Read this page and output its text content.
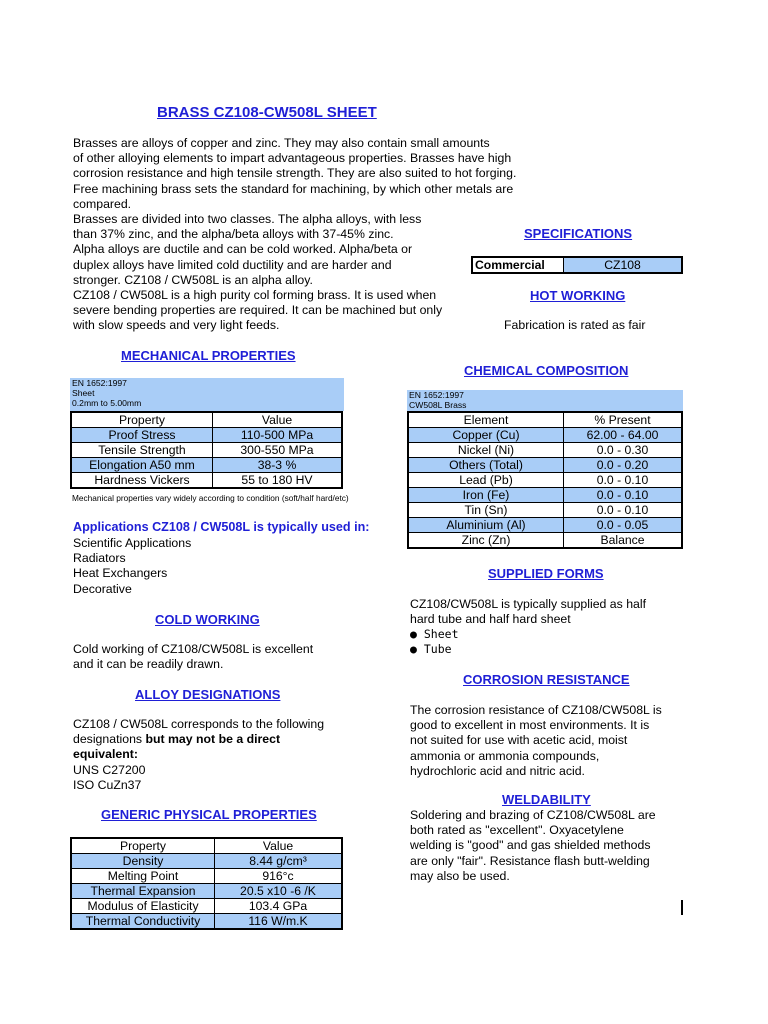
BRASS CZ108-CW508L SHEET
Brasses are alloys of copper and zinc. They may also contain small amounts
of other alloying elements to impart advantageous properties. Brasses have high
corrosion resistance and high tensile strength. They are also suited to hot forging.
Free machining brass sets the standard for machining, by which other metals are
compared.
Brasses are divided into two classes. The alpha alloys, with less
than 37% zinc, and the alpha/beta alloys with 37-45% zinc.
Alpha alloys are ductile and can be cold worked. Alpha/beta or
duplex alloys have limited cold ductility and are harder and
stronger. CZ108 / CW508L is an alpha alloy.
CZ108 / CW508L is a high purity col forming brass. It is used when
severe bending properties are required. It can be machined but only
with slow speeds and very light feeds.
SPECIFICATIONS
Commercial	CZ108
HOT WORKING
Fabrication is rated as fair
MECHANICAL PROPERTIES
EN 1652:1997
Sheet
0.2mm to 5.00mm
Property	Value
Proof Stress	110-500 MPa
Tensile Strength	300-550 MPa
Elongation A50 mm	38-3 %
Hardness Vickers	55 to 180 HV
Mechanical properties vary widely according to condition (soft/half hard/etc)
CHEMICAL COMPOSITION
EN 1652:1997
CW508L Brass
Element	% Present
Copper (Cu)	62.00 - 64.00
Nickel (Ni)	0.0 - 0.30
Others (Total)	0.0 - 0.20
Lead (Pb)	0.0 - 0.10
Iron (Fe)	0.0 - 0.10
Tin (Sn)	0.0 - 0.10
Aluminium (Al)	0.0 - 0.05
Zinc (Zn)	Balance
Applications CZ108 / CW508L is typically used in:
Scientific Applications
Radiators
Heat Exchangers
Decorative
SUPPLIED FORMS
CZ108/CW508L is typically supplied as half
hard tube and half hard sheet
● Sheet
● Tube
COLD WORKING
Cold working of CZ108/CW508L is excellent
and it can be readily drawn.
CORROSION RESISTANCE
The corrosion resistance of CZ108/CW508L is
good to excellent in most environments. It is
not suited for use with acetic acid, moist
ammonia or ammonia compounds,
hydrochloric acid and nitric acid.
ALLOY DESIGNATIONS
CZ108 / CW508L corresponds to the following
designations but may not be a direct
equivalent:
UNS C27200
ISO CuZn37
WELDABILITY
Soldering and brazing of CZ108/CW508L are
both rated as "excellent". Oxyacetylene
welding is "good" and gas shielded methods
are only "fair". Resistance flash butt-welding
may also be used.
GENERIC PHYSICAL PROPERTIES
Property	Value
Density	8.44 g/cm³
Melting Point	916°c
Thermal Expansion	20.5 x10 -6 /K
Modulus of Elasticity	103.4 GPa
Thermal Conductivity	116 W/m.K
